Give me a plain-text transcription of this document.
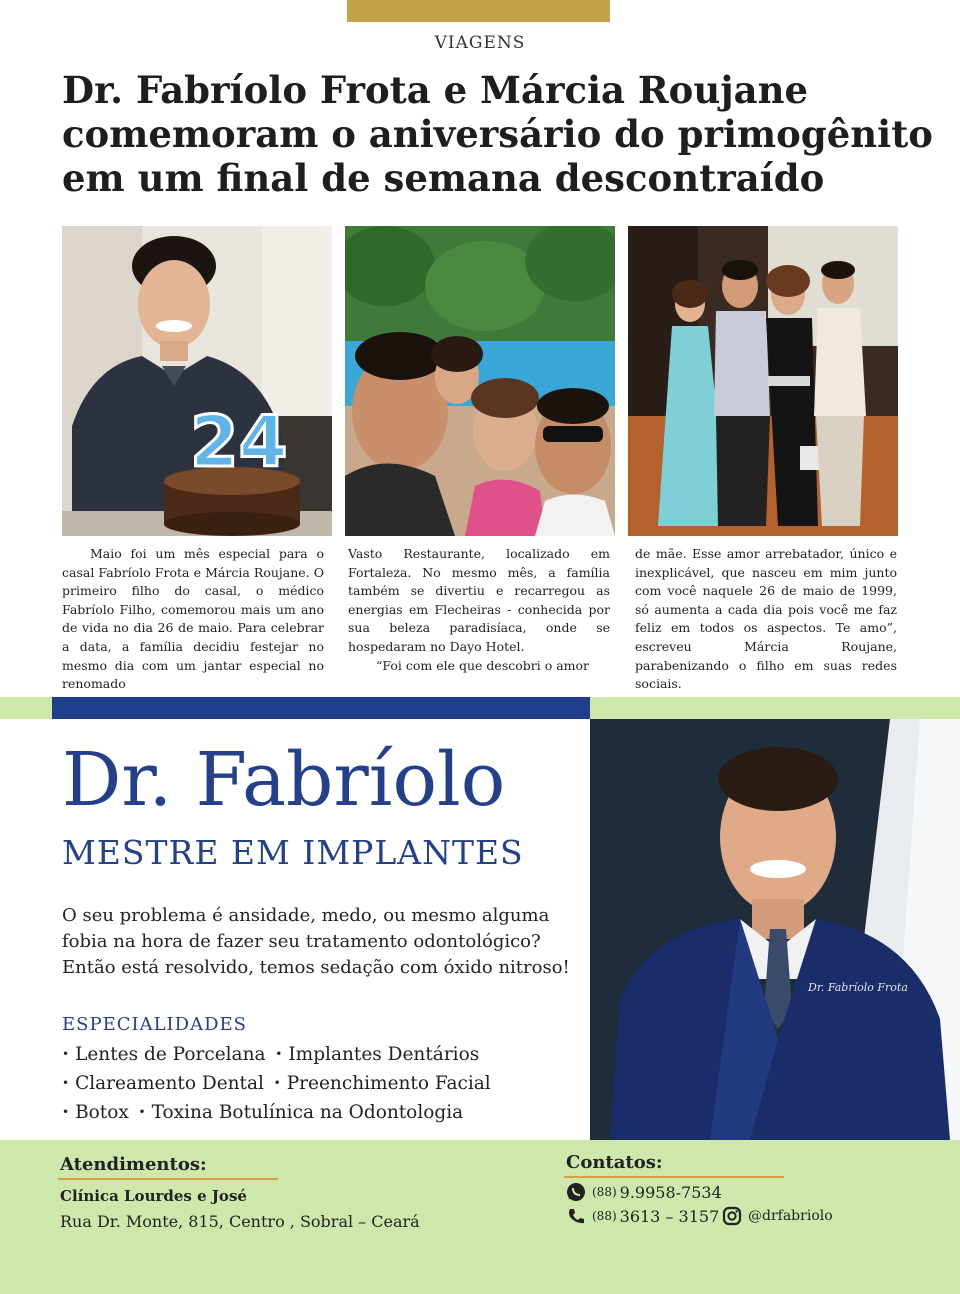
VIAGENS
Dr. Fabríolo Frota e Márcia Roujane comemoram o aniversário do primogênito em um final de semana descontraído
24

Maio foi um mês especial para o casal Fabríolo Frota e Márcia Roujane. O primeiro filho do casal, o médico Fabríolo Filho, comemorou mais um ano de vida no dia 26 de maio. Para celebrar a data, a família decidiu festejar no mesmo dia com um jantar especial no renomado

Vasto Restaurante, localizado em Fortaleza. No mesmo mês, a família também se divertiu e recarregou as energias em Flecheiras - conhecida por sua beleza paradisíaca, onde se hospedaram no Dayo Hotel.

“Foi com ele que descobri o amor

de mãe. Esse amor arrebatador, único e inexplicável, que nasceu em mim junto com você naquele 26 de maio de 1999, só aumenta a cada dia pois você me faz feliz em todos os aspectos. Te amo”, escreveu Márcia Roujane, parabenizando o filho em suas redes sociais.

Dr. Fabríolo Frota
Dr. Fabríolo
MESTRE EM IMPLANTES
O seu problema é ansidade, medo, ou mesmo alguma fobia na hora de fazer seu tratamento odontológico? Então está resolvido, temos sedação com óxido nitroso!
ESPECIALIDADES
• Lentes de Porcelana  • Implantes Dentários
• Clareamento Dental  • Preenchimento Facial
• Botox  • Toxina Botulínica na Odontologia
Atendimentos:
Clínica Lourdes e José
Rua Dr. Monte, 815, Centro , Sobral – Ceará
Contatos:
(88) 9.9958-7534
(88) 3613 – 3157 @drfabriolo
